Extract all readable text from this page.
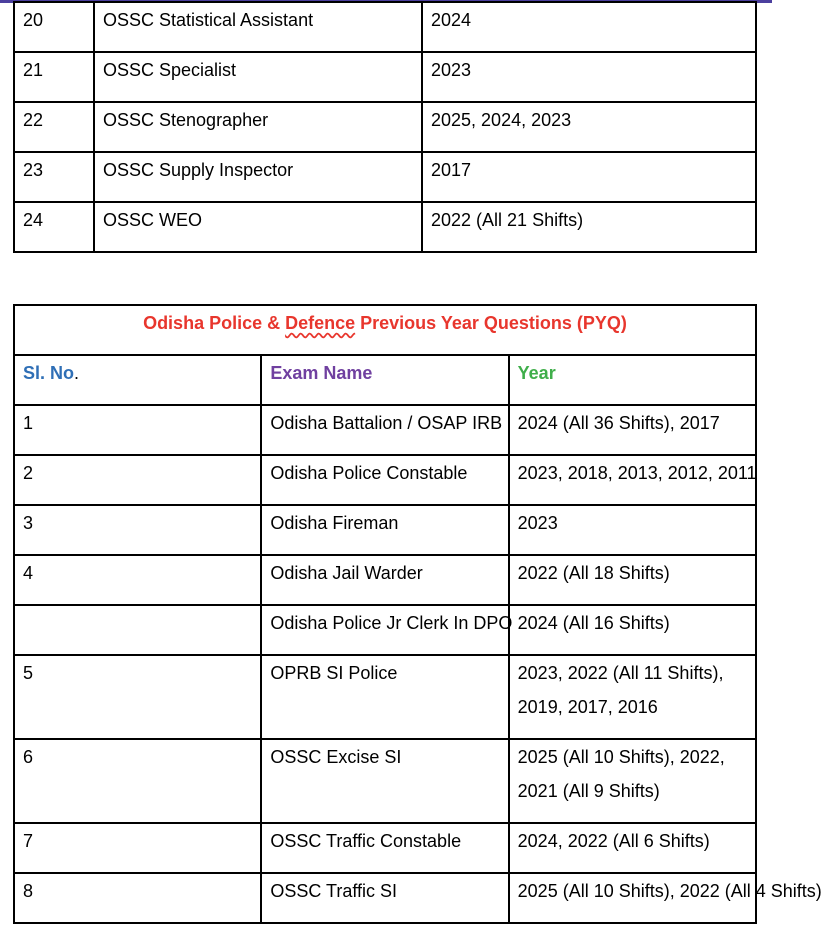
20	OSSC Statistical Assistant	2024
21	OSSC Specialist	2023
22	OSSC Stenographer	2025, 2024, 2023
23	OSSC Supply Inspector	2017
24	OSSC WEO	2022 (All 21 Shifts)
Odisha Police & Defence Previous Year Questions (PYQ)		
Sl. No.	Exam Name	Year
1	Odisha Battalion / OSAP IRB	2024 (All 36 Shifts), 2017
2	Odisha Police Constable	2023, 2018, 2013, 2012, 2011
3	Odisha Fireman	2023
4	Odisha Jail Warder	2022 (All 18 Shifts)
	Odisha Police Jr Clerk In DPO	2024 (All 16 Shifts)
5	OPRB SI Police	2023, 2022 (All 11 Shifts), 2019, 2017, 2016
6	OSSC Excise SI	2025 (All 10 Shifts), 2022, 2021 (All 9 Shifts)
7	OSSC Traffic Constable	2024, 2022 (All 6 Shifts)
8	OSSC Traffic SI	2025 (All 10 Shifts), 2022 (All 4 Shifts)
